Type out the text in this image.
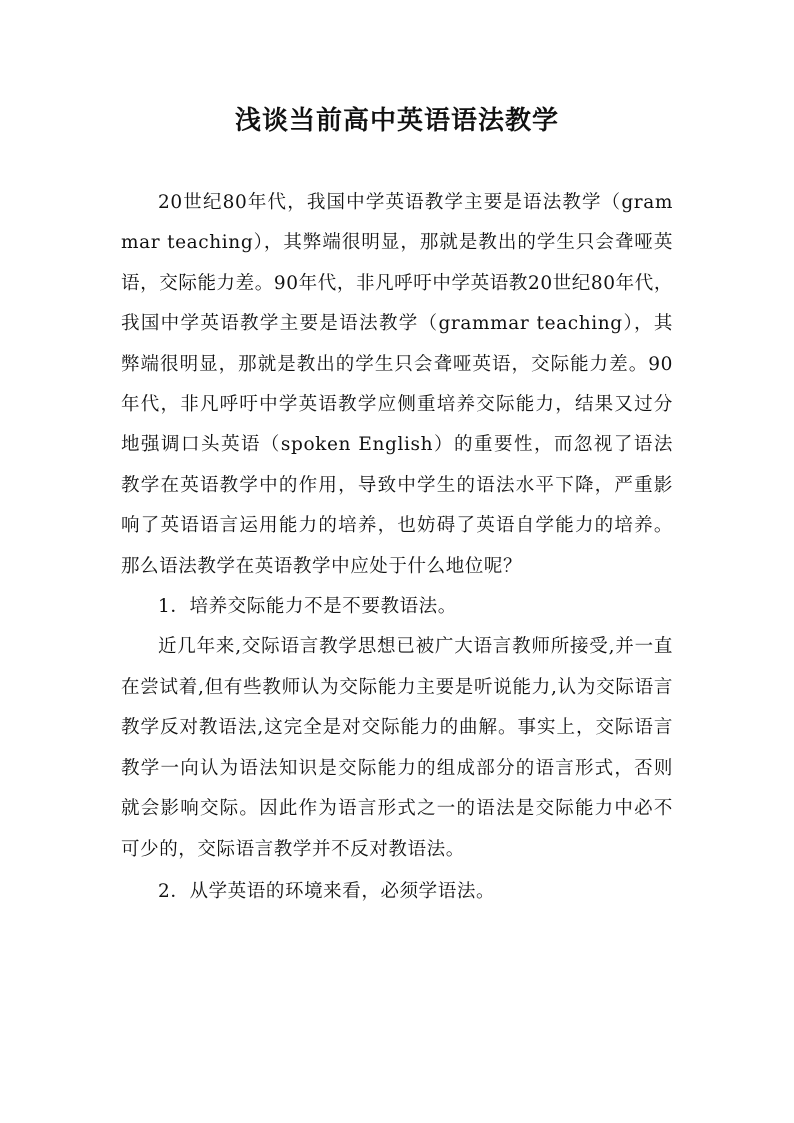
浅谈当前高中英语语法教学

20世纪80年代，我国中学英语教学主要是语法教学（grammar teaching），其弊端很明显，那就是教出的学生只会聋哑英语，交际能力差。90年代，非凡呼吁中学英语教20世纪80年代，我国中学英语教学主要是语法教学（grammar teaching），其弊端很明显，那就是教出的学生只会聋哑英语，交际能力差。90年代，非凡呼吁中学英语教学应侧重培养交际能力，结果又过分地强调口头英语（spoken English）的重要性，而忽视了语法教学在英语教学中的作用，导致中学生的语法水平下降，严重影响了英语语言运用能力的培养，也妨碍了英语自学能力的培养。那么语法教学在英语教学中应处于什么地位呢？

1．培养交际能力不是不要教语法。

近几年来,交际语言教学思想已被广大语言教师所接受,并一直在尝试着,但有些教师认为交际能力主要是听说能力,认为交际语言教学反对教语法,这完全是对交际能力的曲解。事实上，交际语言教学一向认为语法知识是交际能力的组成部分的语言形式，否则就会影响交际。因此作为语言形式之一的语法是交际能力中必不可少的，交际语言教学并不反对教语法。

2．从学英语的环境来看，必须学语法。
